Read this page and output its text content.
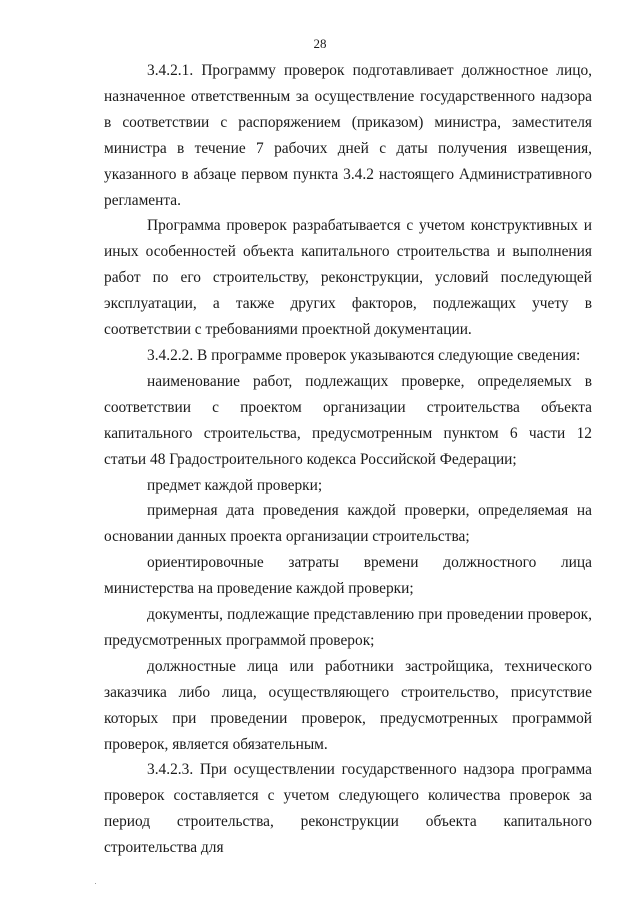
28

3.4.2.1. Программу проверок подготавливает должностное лицо, назначенное ответственным за осуществление государственного надзора в соответствии с распоряжением (приказом) министра, заместителя министра в течение 7 рабочих дней с даты получения извещения, указанного в абзаце первом пункта 3.4.2 настоящего Административного регламента.

Программа проверок разрабатывается с учетом конструктивных и иных особенностей объекта капитального строительства и выполнения работ по его строительству, реконструкции, условий последующей эксплуатации, а также других факторов, подлежащих учету в соответствии с требованиями проектной документации.

3.4.2.2. В программе проверок указываются следующие сведения:

наименование работ, подлежащих проверке, определяемых в соответствии с проектом организации строительства объекта капитального строительства, предусмотренным пунктом 6 части 12 статьи 48 Градостроительного кодекса Российской Федерации;

предмет каждой проверки;

примерная дата проведения каждой проверки, определяемая на основании данных проекта организации строительства;

ориентировочные затраты времени должностного лица министерства на проведение каждой проверки;

документы, подлежащие представлению при проведении проверок, предусмотренных программой проверок;

должностные лица или работники застройщика, технического заказчика либо лица, осуществляющего строительство, присутствие которых при проведении проверок, предусмотренных программой проверок, является обязательным.

3.4.2.3. При осуществлении государственного надзора программа проверок составляется с учетом следующего количества проверок за период строительства, реконструкции объекта капитального строительства для
